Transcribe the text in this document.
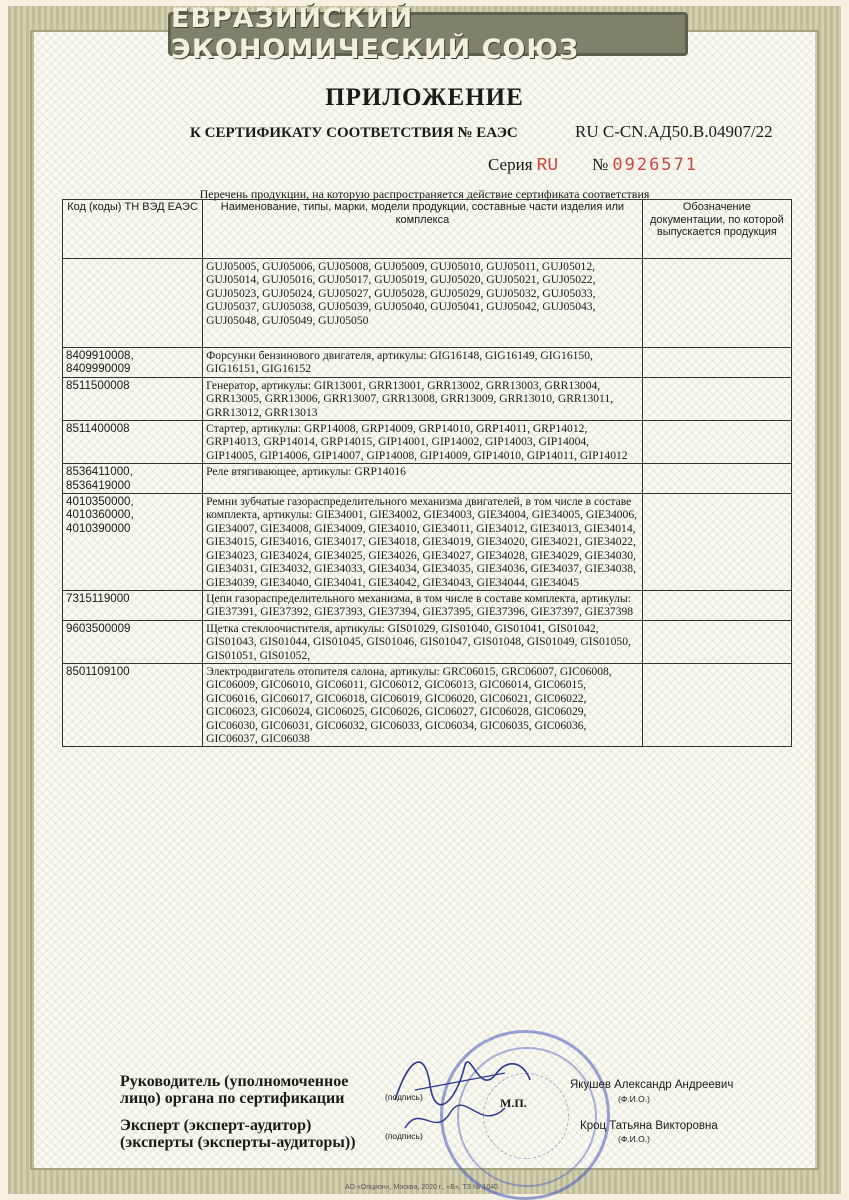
ЕВРАЗИЙСКИЙ ЭКОНОМИЧЕСКИЙ СОЮЗ
ПРИЛОЖЕНИЕ
К СЕРТИФИКАТУ СООТВЕТСТВИЯ № ЕАЭС	RU C-CN.АД50.В.04907/22
Серия RU № 0926571
Перечень продукции, на которую распространяется действие сертификата соответствия
Код (коды) ТН ВЭД ЕАЭС	Наименование, типы, марки, модели продукции, составные части изделия или комплекса	Обозначение документации, по которой выпускается продукция
	GUJ05005, GUJ05006, GUJ05008, GUJ05009, GUJ05010, GUJ05011, GUJ05012, GUJ05014, GUJ05016, GUJ05017, GUJ05019, GUJ05020, GUJ05021, GUJ05022, GUJ05023, GUJ05024, GUJ05027, GUJ05028, GUJ05029, GUJ05032, GUJ05033, GUJ05037, GUJ05038, GUJ05039, GUJ05040, GUJ05041, GUJ05042, GUJ05043, GUJ05048, GUJ05049, GUJ05050	
8409910008, 8409990009	Форсунки бензинового двигателя, артикулы: GIG16148, GIG16149, GIG16150, GIG16151, GIG16152	
8511500008	Генератор, артикулы: GIR13001, GRR13001, GRR13002, GRR13003, GRR13004, GRR13005, GRR13006, GRR13007, GRR13008, GRR13009, GRR13010, GRR13011, GRR13012, GRR13013	
8511400008	Стартер, артикулы: GRP14008, GRP14009, GRP14010, GRP14011, GRP14012, GRP14013, GRP14014, GRP14015, GIP14001, GIP14002, GIP14003, GIP14004, GIP14005, GIP14006, GIP14007, GIP14008, GIP14009, GIP14010, GIP14011, GIP14012	
8536411000, 8536419000	Реле втягивающее, артикулы: GRP14016	
4010350000, 4010360000, 4010390000	Ремни зубчатые газораспределительного механизма двигателей, в том числе в составе комплекта, артикулы: GIE34001, GIE34002, GIE34003, GIE34004, GIE34005, GIE34006, GIE34007, GIE34008, GIE34009, GIE34010, GIE34011, GIE34012, GIE34013, GIE34014, GIE34015, GIE34016, GIE34017, GIE34018, GIE34019, GIE34020, GIE34021, GIE34022, GIE34023, GIE34024, GIE34025, GIE34026, GIE34027, GIE34028, GIE34029, GIE34030, GIE34031, GIE34032, GIE34033, GIE34034, GIE34035, GIE34036, GIE34037, GIE34038, GIE34039, GIE34040, GIE34041, GIE34042, GIE34043, GIE34044, GIE34045	
7315119000	Цепи газораспределительного механизма, в том числе в составе комплекта, артикулы: GIE37391, GIE37392, GIE37393, GIE37394, GIE37395, GIE37396, GIE37397, GIE37398	
9603500009	Щетка стеклоочистителя, артикулы: GIS01029, GIS01040, GIS01041, GIS01042, GIS01043, GIS01044, GIS01045, GIS01046, GIS01047, GIS01048, GIS01049, GIS01050, GIS01051, GIS01052,	
8501109100	Электродвигатель отопителя салона, артикулы: GRC06015, GRC06007, GIC06008, GIC06009, GIC06010, GIC06011, GIC06012, GIC06013, GIC06014, GIC06015, GIC06016, GIC06017, GIC06018, GIC06019, GIC06020, GIC06021, GIC06022, GIC06023, GIC06024, GIC06025, GIC06026, GIC06027, GIC06028, GIC06029, GIC06030, GIC06031, GIC06032, GIC06033, GIC06034, GIC06035, GIC06036, GIC06037, GIC06038	
Руководитель (уполномоченное
лицо) органа по сертификации	(подпись)
Якушев Александр Андреевич
(Ф.И.О.)
М.П.
Эксперт (эксперт-аудитор)
(эксперты (эксперты-аудиторы))	(подпись)
Кроц Татьяна Викторовна
(Ф.И.О.)
АО «Опцион», Москва, 2020 г., «Б», ТЗ № 1040.
